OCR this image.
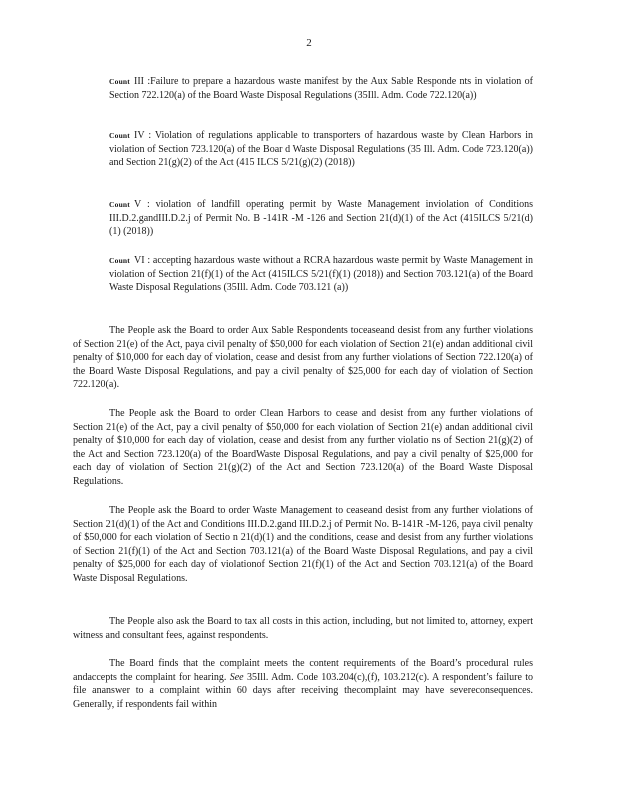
2
Count III :Failure to prepare a hazardous waste manifest by the Aux Sable Responde nts in violation of Section 722.120(a) of the Board Waste Disposal Regulations (35Ill. Adm. Code 722.120(a))
Count IV : Violation of regulations applicable to transporters of hazardous waste by Clean Harbors in violation of Section 723.120(a) of the Boar d Waste Disposal Regulations (35 Ill. Adm. Code 723.120(a)) and Section 21(g)(2) of the Act (415 ILCS 5/21(g)(2) (2018))
Count V : violation of landfill operating permit by Waste Management inviolation of Conditions III.D.2.gandIII.D.2.j of Permit No. B -141R -M -126 and Section 21(d)(1) of the Act (415ILCS 5/21(d)(1) (2018))
Count VI : accepting hazardous waste without a RCRA hazardous waste permit by Waste Management in violation of Section 21(f)(1) of the Act (415ILCS 5/21(f)(1) (2018)) and Section 703.121(a) of the Board Waste Disposal Regulations (35Ill. Adm. Code 703.121 (a))
The People ask the Board to order Aux Sable Respondents toceaseand desist from any further violations of Section 21(e) of the Act, paya civil penalty of $50,000 for each violation of Section 21(e) andan additional civil penalty of $10,000 for each day of violation, cease and desist from any further violations of Section 722.120(a) of the Board Waste Disposal Regulations, and pay a civil penalty of $25,000 for each day of violation of Section 722.120(a).
The People ask the Board to order Clean Harbors to cease and desist from any further violations of Section 21(e) of the Act, pay a civil penalty of $50,000 for each violation of Section 21(e) andan additional civil penalty of $10,000 for each day of violation, cease and desist from any further violatio ns of Section 21(g)(2) of the Act and Section 723.120(a) of the BoardWaste Disposal Regulations, and pay a civil penalty of $25,000 for each day of violation of Section 21(g)(2) of the Act and Section 723.120(a) of the Board Waste Disposal Regulations.
The People ask the Board to order Waste Management to ceaseand desist from any further violations of Section 21(d)(1) of the Act and Conditions III.D.2.gand III.D.2.j of Permit No. B-141R -M-126, paya civil penalty of $50,000 for each violation of Sectio n 21(d)(1) and the conditions, cease and desist from any further violations of Section 21(f)(1) of the Act and Section 703.121(a) of the Board Waste Disposal Regulations, and pay a civil penalty of $25,000 for each day of violationof Section 21(f)(1) of the Act and Section 703.121(a) of the Board Waste Disposal Regulations.
The People also ask the Board to tax all costs in this action, including, but not limited to, attorney, expert witness and consultant fees, against respondents.
The Board finds that the complaint meets the content requirements of the Board’s procedural rules andaccepts the complaint for hearing. See 35Ill. Adm. Code 103.204(c),(f), 103.212(c). A respondent’s failure to file ananswer to a complaint within 60 days after receiving thecomplaint may have severeconsequences. Generally, if respondents fail within
